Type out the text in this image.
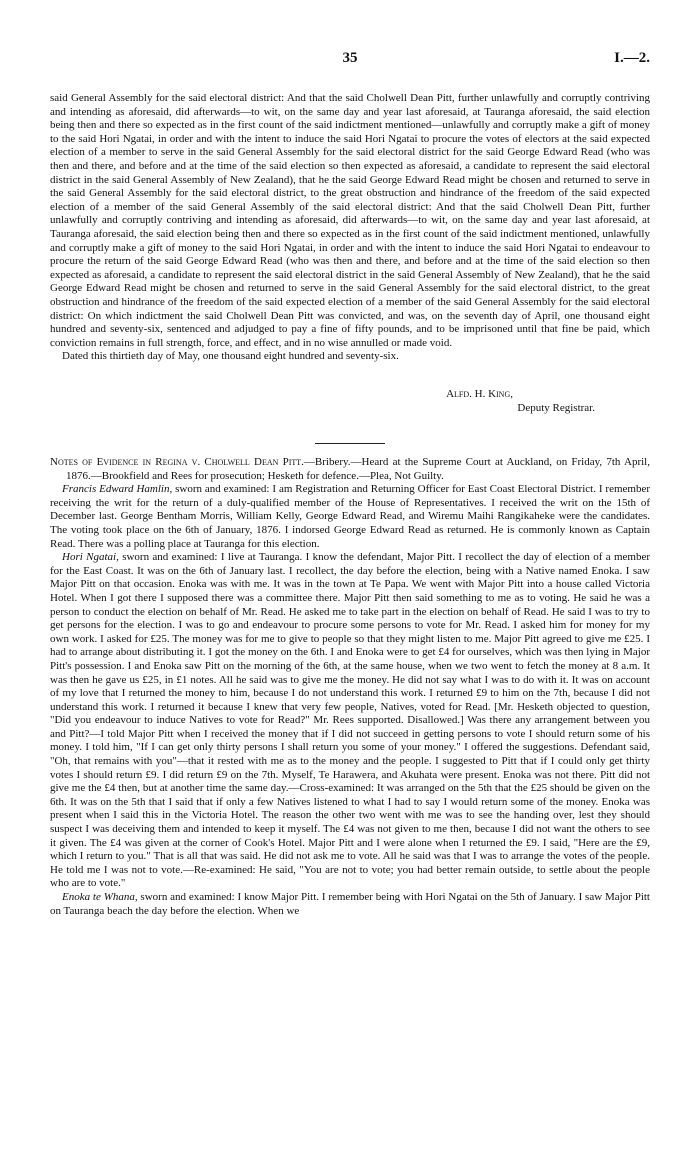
35	I.—2.

said General Assembly for the said electoral district: And that the said Cholwell Dean Pitt, further unlawfully and corruptly contriving and intending as aforesaid, did afterwards—to wit, on the same day and year last aforesaid, at Tauranga aforesaid, the said election being then and there so expected as in the first count of the said indictment mentioned—unlawfully and corruptly make a gift of money to the said Hori Ngatai, in order and with the intent to induce the said Hori Ngatai to procure the votes of electors at the said expected election of a member to serve in the said General Assembly for the said electoral district for the said George Edward Read (who was then and there, and before and at the time of the said election so then expected as aforesaid, a candidate to represent the said electoral district in the said General Assembly of New Zealand), that he the said George Edward Read might be chosen and returned to serve in the said General Assembly for the said electoral district, to the great obstruction and hindrance of the freedom of the said expected election of a member of the said General Assembly of the said electoral district: And that the said Cholwell Dean Pitt, further unlawfully and corruptly contriving and intending as aforesaid, did afterwards—to wit, on the same day and year last aforesaid, at Tauranga aforesaid, the said election being then and there so expected as in the first count of the said indictment mentioned, unlawfully and corruptly make a gift of money to the said Hori Ngatai, in order and with the intent to induce the said Hori Ngatai to endeavour to procure the return of the said George Edward Read (who was then and there, and before and at the time of the said election so then expected as aforesaid, a candidate to represent the said electoral district in the said General Assembly of New Zealand), that he the said George Edward Read might be chosen and returned to serve in the said General Assembly for the said electoral district, to the great obstruction and hindrance of the freedom of the said expected election of a member of the said General Assembly for the said electoral district: On which indictment the said Cholwell Dean Pitt was convicted, and was, on the seventh day of April, one thousand eight hundred and seventy-six, sentenced and adjudged to pay a fine of fifty pounds, and to be imprisoned until that fine be paid, which conviction remains in full strength, force, and effect, and in no wise annulled or made void.

Dated this thirtieth day of May, one thousand eight hundred and seventy-six.

Alfd. H. King,
Deputy Registrar.

Notes of Evidence in Regina v. Cholwell Dean Pitt.—Bribery.—Heard at the Supreme Court at Auckland, on Friday, 7th April, 1876.—Brookfield and Rees for prosecution; Hesketh for defence.—Plea, Not Guilty.

Francis Edward Hamlin, sworn and examined: I am Registration and Returning Officer for East Coast Electoral District. I remember receiving the writ for the return of a duly-qualified member of the House of Representatives. I received the writ on the 15th of December last. George Bentham Morris, William Kelly, George Edward Read, and Wiremu Maihi Rangikaheke were the candidates. The voting took place on the 6th of January, 1876. I indorsed George Edward Read as returned. He is commonly known as Captain Read. There was a polling place at Tauranga for this election.

Hori Ngatai, sworn and examined: I live at Tauranga. I know the defendant, Major Pitt. I recollect the day of election of a member for the East Coast. It was on the 6th of January last. I recollect, the day before the election, being with a Native named Enoka. I saw Major Pitt on that occasion. Enoka was with me. It was in the town at Te Papa. We went with Major Pitt into a house called Victoria Hotel. When I got there I supposed there was a committee there. Major Pitt then said something to me as to voting. He said he was a person to conduct the election on behalf of Mr. Read. He asked me to take part in the election on behalf of Read. He said I was to try to get persons for the election. I was to go and endeavour to procure some persons to vote for Mr. Read. I asked him for money for my own work. I asked for £25. The money was for me to give to people so that they might listen to me. Major Pitt agreed to give me £25. I had to arrange about distributing it. I got the money on the 6th. I and Enoka were to get £4 for ourselves, which was then lying in Major Pitt's possession. I and Enoka saw Pitt on the morning of the 6th, at the same house, when we two went to fetch the money at 8 a.m. It was then he gave us £25, in £1 notes. All he said was to give me the money. He did not say what I was to do with it. It was on account of my love that I returned the money to him, because I do not understand this work. I returned £9 to him on the 7th, because I did not understand this work. I returned it because I knew that very few people, Natives, voted for Read. [Mr. Hesketh objected to question, "Did you endeavour to induce Natives to vote for Read?" Mr. Rees supported. Disallowed.] Was there any arrangement between you and Pitt?—I told Major Pitt when I received the money that if I did not succeed in getting persons to vote I should return some of his money. I told him, "If I can get only thirty persons I shall return you some of your money." I offered the suggestions. Defendant said, "Oh, that remains with you"—that it rested with me as to the money and the people. I suggested to Pitt that if I could only get thirty votes I should return £9. I did return £9 on the 7th. Myself, Te Harawera, and Akuhata were present. Enoka was not there. Pitt did not give me the £4 then, but at another time the same day.—Cross-examined: It was arranged on the 5th that the £25 should be given on the 6th. It was on the 5th that I said that if only a few Natives listened to what I had to say I would return some of the money. Enoka was present when I said this in the Victoria Hotel. The reason the other two went with me was to see the handing over, lest they should suspect I was deceiving them and intended to keep it myself. The £4 was not given to me then, because I did not want the others to see it given. The £4 was given at the corner of Cook's Hotel. Major Pitt and I were alone when I returned the £9. I said, "Here are the £9, which I return to you." That is all that was said. He did not ask me to vote. All he said was that I was to arrange the votes of the people. He told me I was not to vote.—Re-examined: He said, "You are not to vote; you had better remain outside, to settle about the people who are to vote."

Enoka te Whana, sworn and examined: I know Major Pitt. I remember being with Hori Ngatai on the 5th of January. I saw Major Pitt on Tauranga beach the day before the election. When we
